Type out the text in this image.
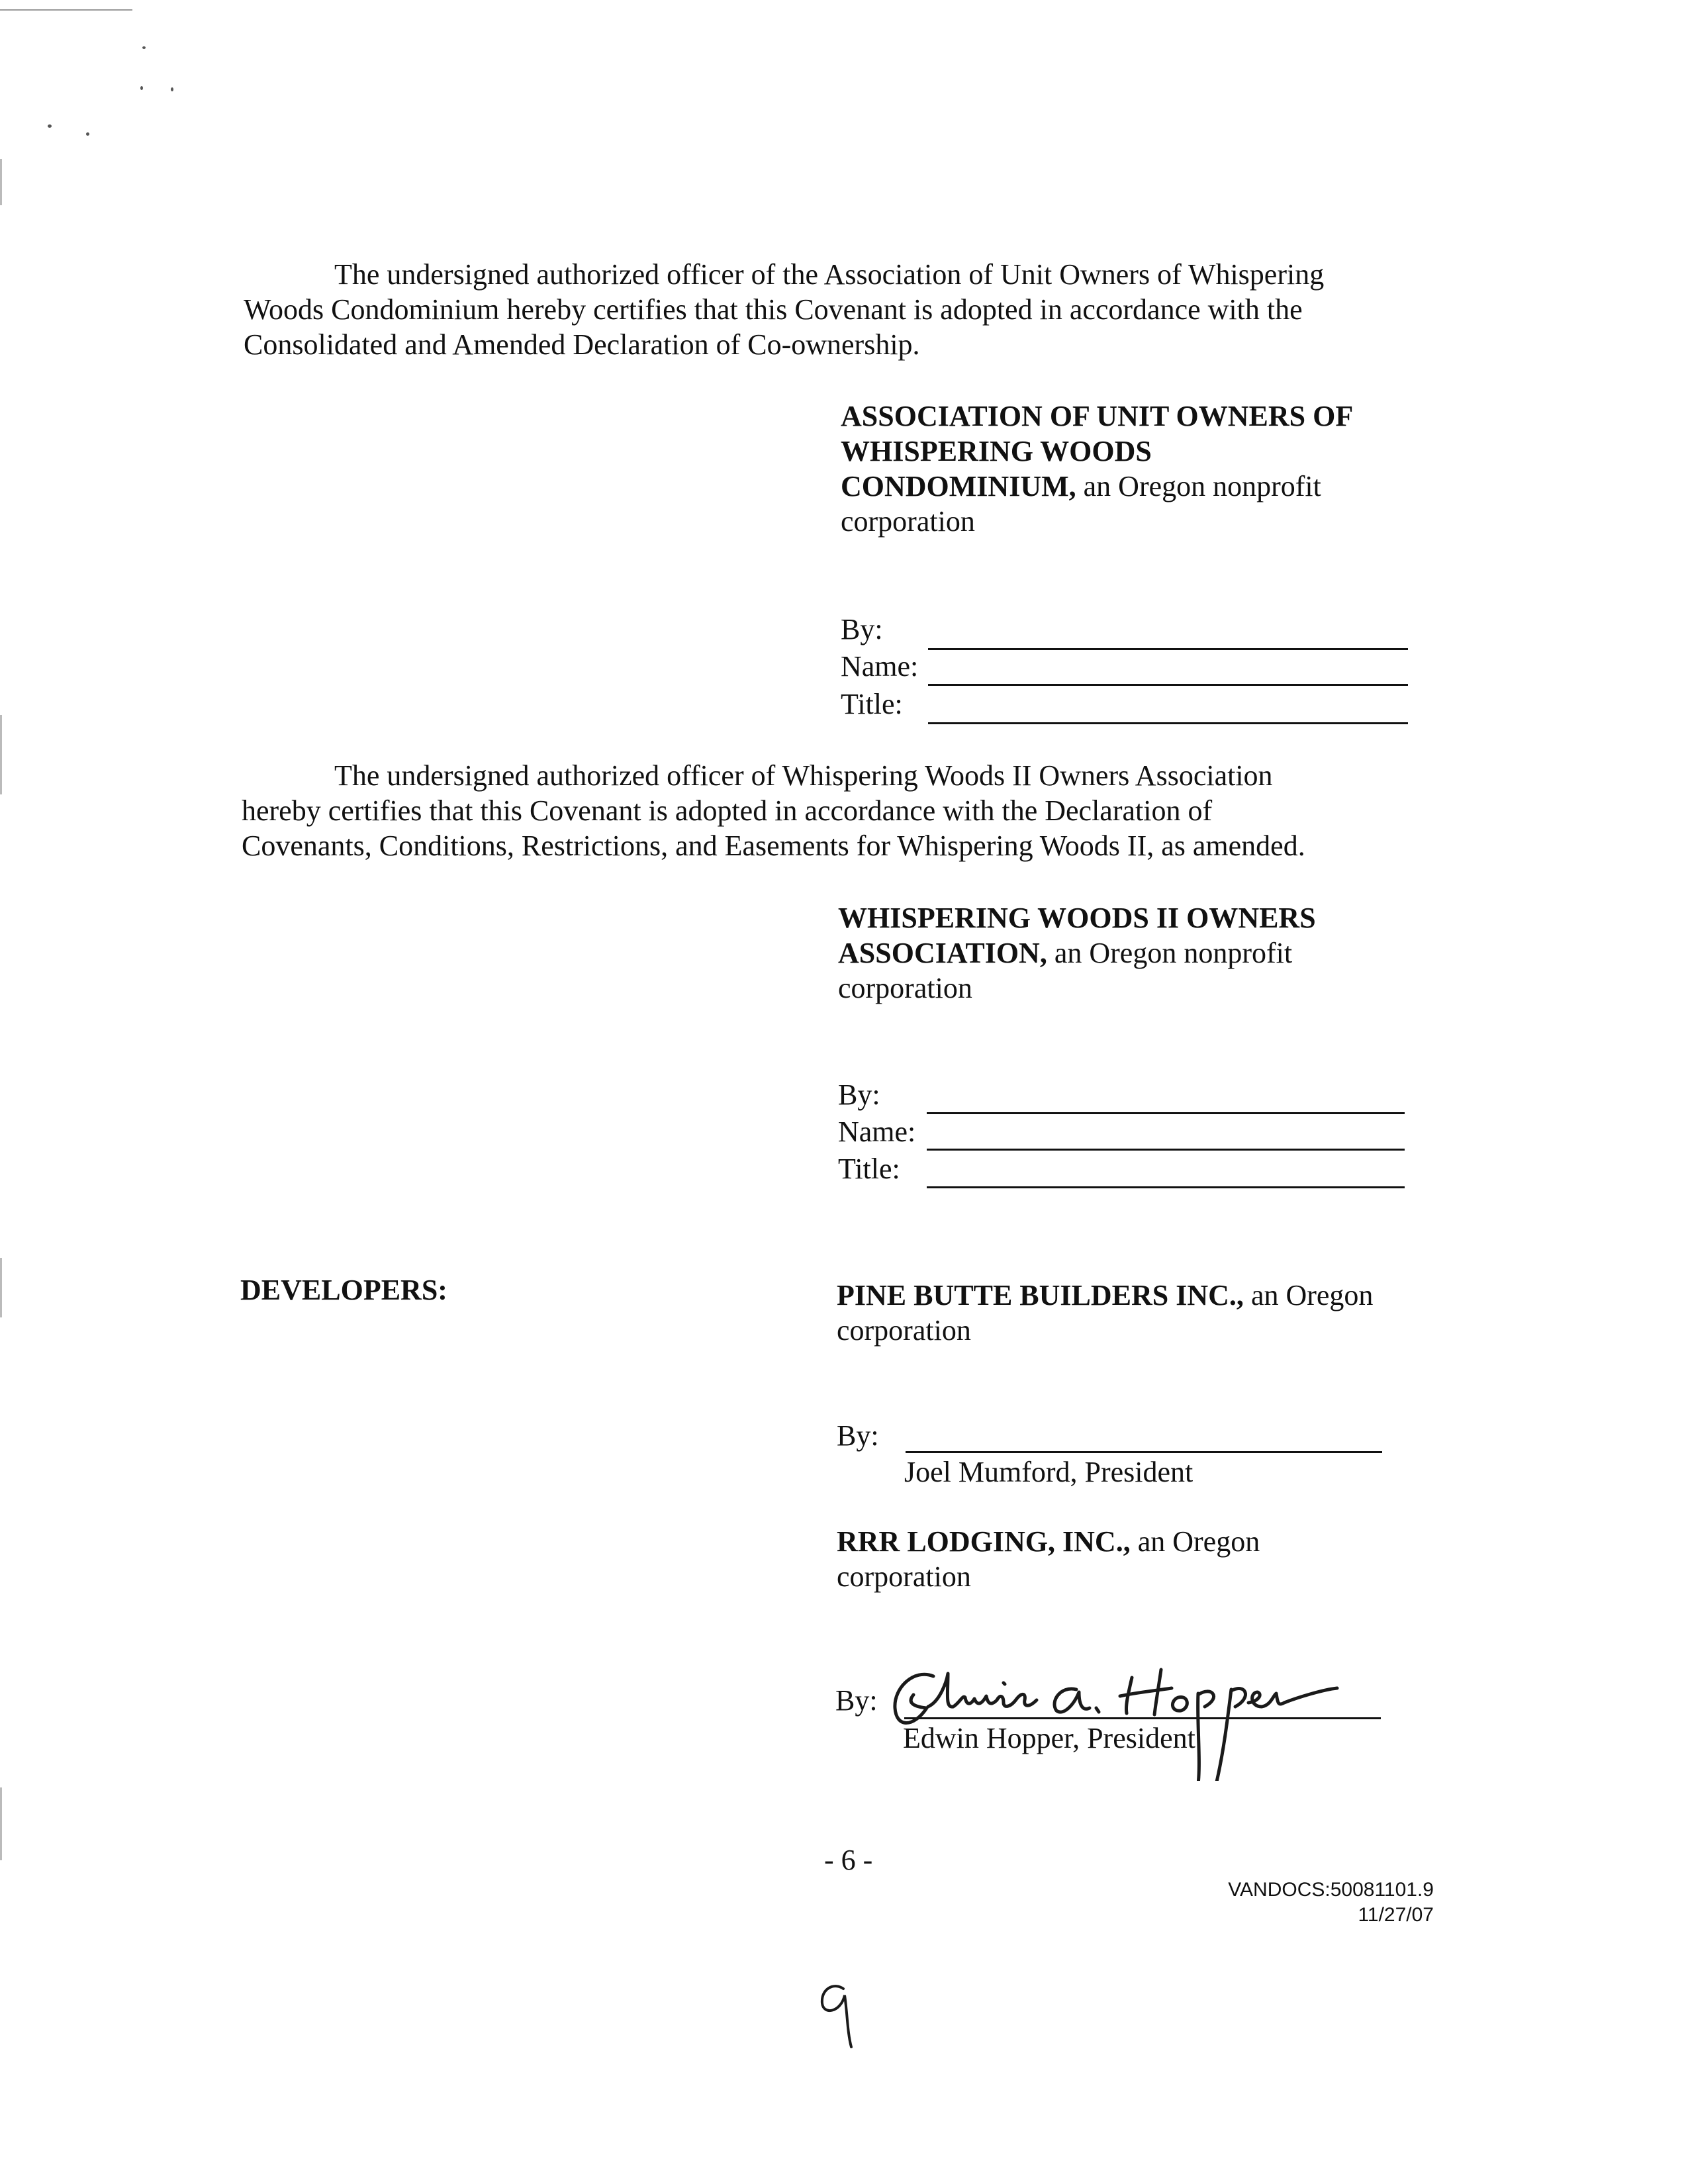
The undersigned authorized officer of the Association of Unit Owners of Whispering
Woods Condominium hereby certifies that this Covenant is adopted in accordance with the
Consolidated and Amended Declaration of Co-ownership.
ASSOCIATION OF UNIT OWNERS OF
WHISPERING WOODS
CONDOMINIUM, an Oregon nonprofit
corporation
By:
Name:
Title:
The undersigned authorized officer of Whispering Woods II Owners Association
hereby certifies that this Covenant is adopted in accordance with the Declaration of
Covenants, Conditions, Restrictions, and Easements for Whispering Woods II, as amended.
WHISPERING WOODS II OWNERS
ASSOCIATION, an Oregon nonprofit
corporation
By:
Name:
Title:
DEVELOPERS:	PINE BUTTE BUILDERS INC., an Oregon
corporation
By:
Joel Mumford, President
RRR LODGING, INC., an Oregon
corporation
By:
Edwin Hopper, President
- 6 -
VANDOCS:50081101.9
11/27/07
